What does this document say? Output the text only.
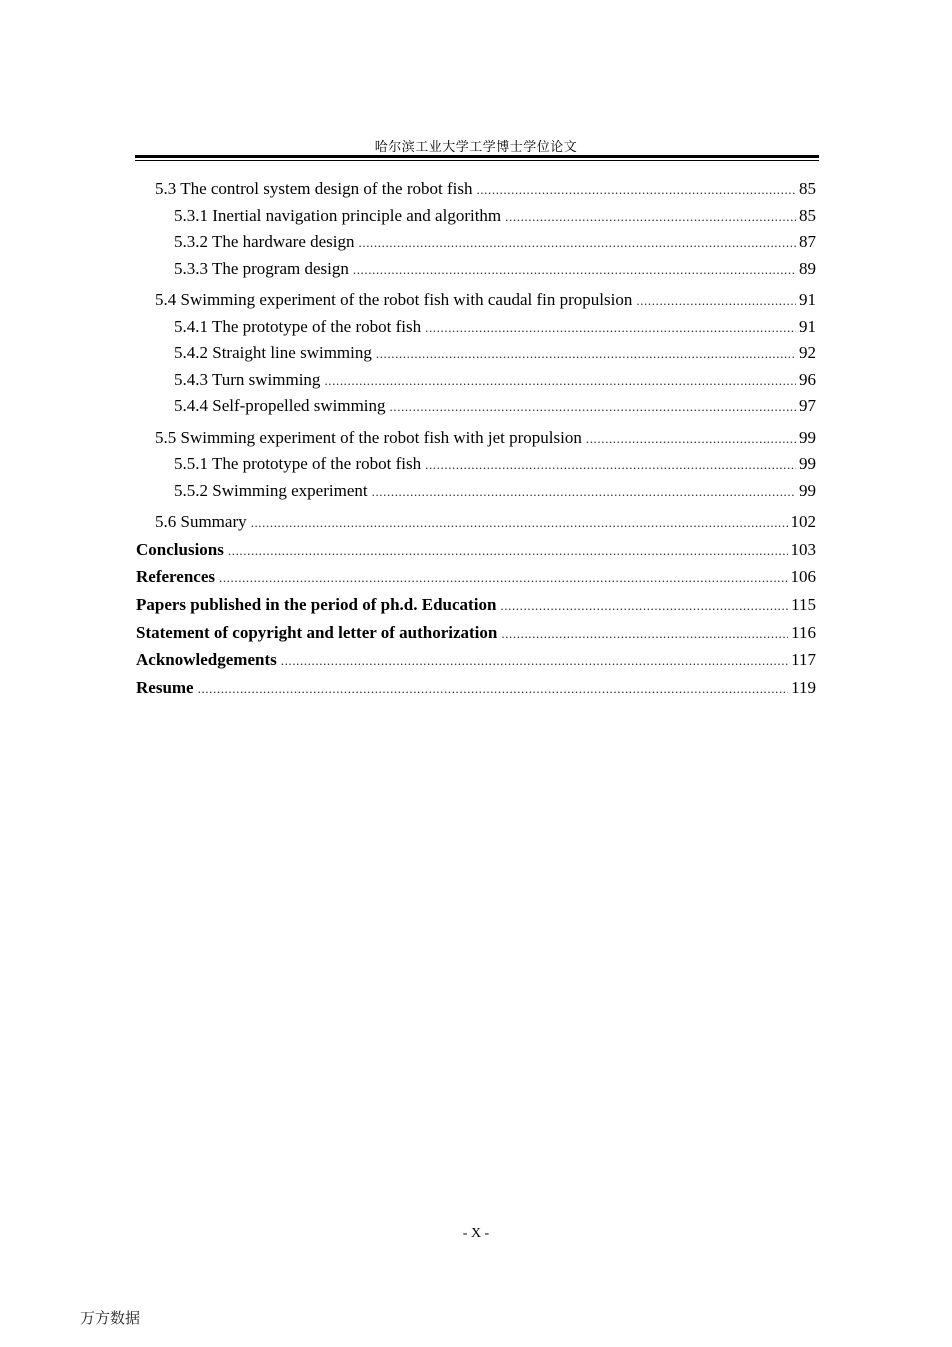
哈尔滨工业大学工学博士学位论文
5.3 The control system design of the robot fish .....	85
5.3.1 Inertial navigation principle and algorithm .....	85
5.3.2 The hardware design .....	87
5.3.3 The program design .....	89
5.4 Swimming experiment of the robot fish with caudal fin propulsion .....	91
5.4.1 The prototype of the robot fish .....	91
5.4.2 Straight line swimming .....	92
5.4.3 Turn swimming .....	96
5.4.4 Self-propelled swimming .....	97
5.5 Swimming experiment of the robot fish with jet propulsion .....	99
5.5.1 The prototype of the robot fish .....	99
5.5.2 Swimming experiment .....	99
5.6 Summary .....	102
Conclusions .....	103
References .....	106
Papers published in the period of ph.d. Education .....	115
Statement of copyright and letter of authorization .....	116
Acknowledgements .....	117
Resume .....	119
- X -
万方数据
